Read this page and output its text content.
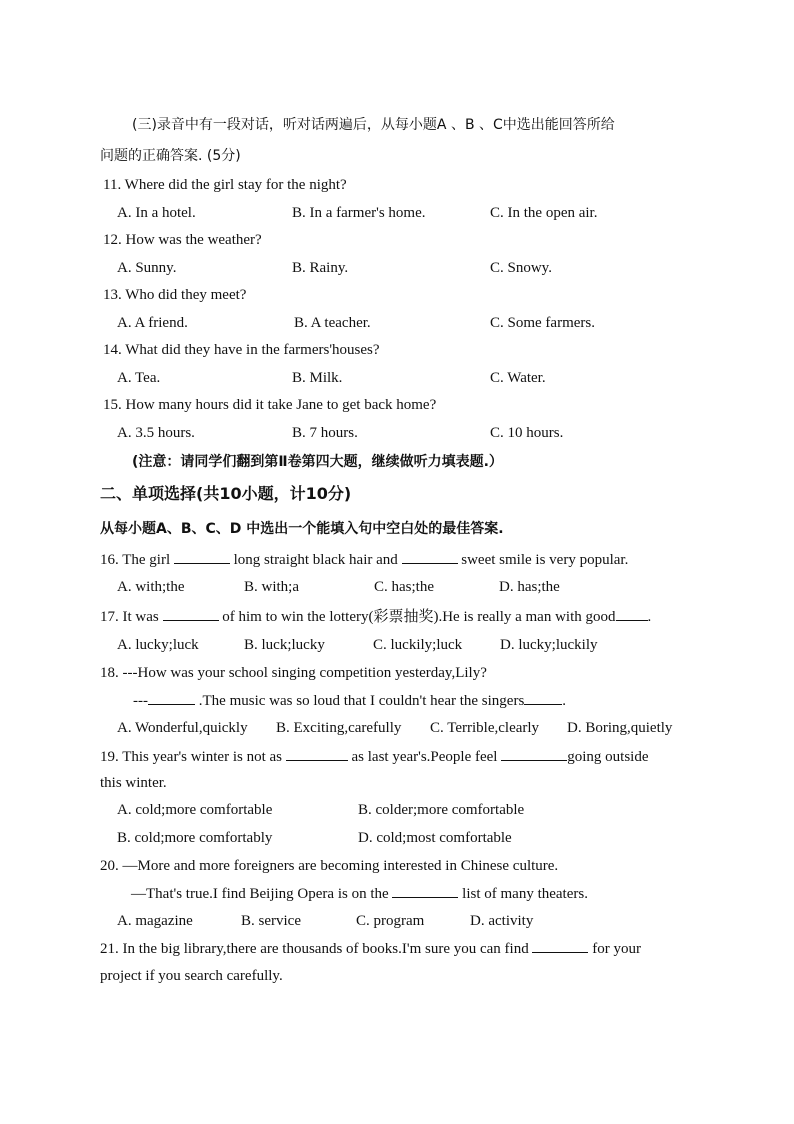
(三)录音中有一段对话，听对话两遍后，从每小题A 、B 、C中选出能回答所给
问题的正确答案. (5分)
11. Where did the girl stay for the night?
A. In a hotel.	B. In a farmer's home.	C. In the open air.
12. How was the weather?
A. Sunny.	B. Rainy.	C. Snowy.
13. Who did they meet?
A. A friend.	B. A teacher.	C. Some farmers.
14. What did they have in the farmers'houses?
A. Tea.	B. Milk.	C. Water.
15. How many hours did it take Jane to get back home?
A. 3.5 hours.	B. 7 hours.	C. 10 hours.
(注意：请同学们翻到第Ⅱ卷第四大题，继续做听力填表题.）
二、单项选择(共10小题，计10分)
从每小题A、B、C、D 中选出一个能填入句中空白处的最佳答案.
16. The girl	long straight black hair and	sweet smile is very popular.
A. with;the	B. with;a	C. has;the	D. has;the
17. It was	of him to win the lottery(彩票抽奖).He is really a man with good .
A. lucky;luck	B. luck;lucky	C. luckily;luck	D. lucky;luckily
18. ---How was your school singing competition yesterday,Lily?
---	.The music was so loud that I couldn't hear the singers	.
A. Wonderful,quickly B. Exciting,carefully C. Terrible,clearly D. Boring,quietly
19. This year's winter is not as	as last year's.People feel	going outside
this winter.
A. cold;more comfortable	B. colder;more comfortable
B. cold;more comfortably	D. cold;most comfortable
20. —More and more foreigners are becoming interested in Chinese culture.
—That's true.I find Beijing Opera is on the	list of many theaters.
A. magazine	B. service	C. program	D. activity
21. In the big library,there are thousands of books.I'm sure you can find	for your
project if you search carefully.
